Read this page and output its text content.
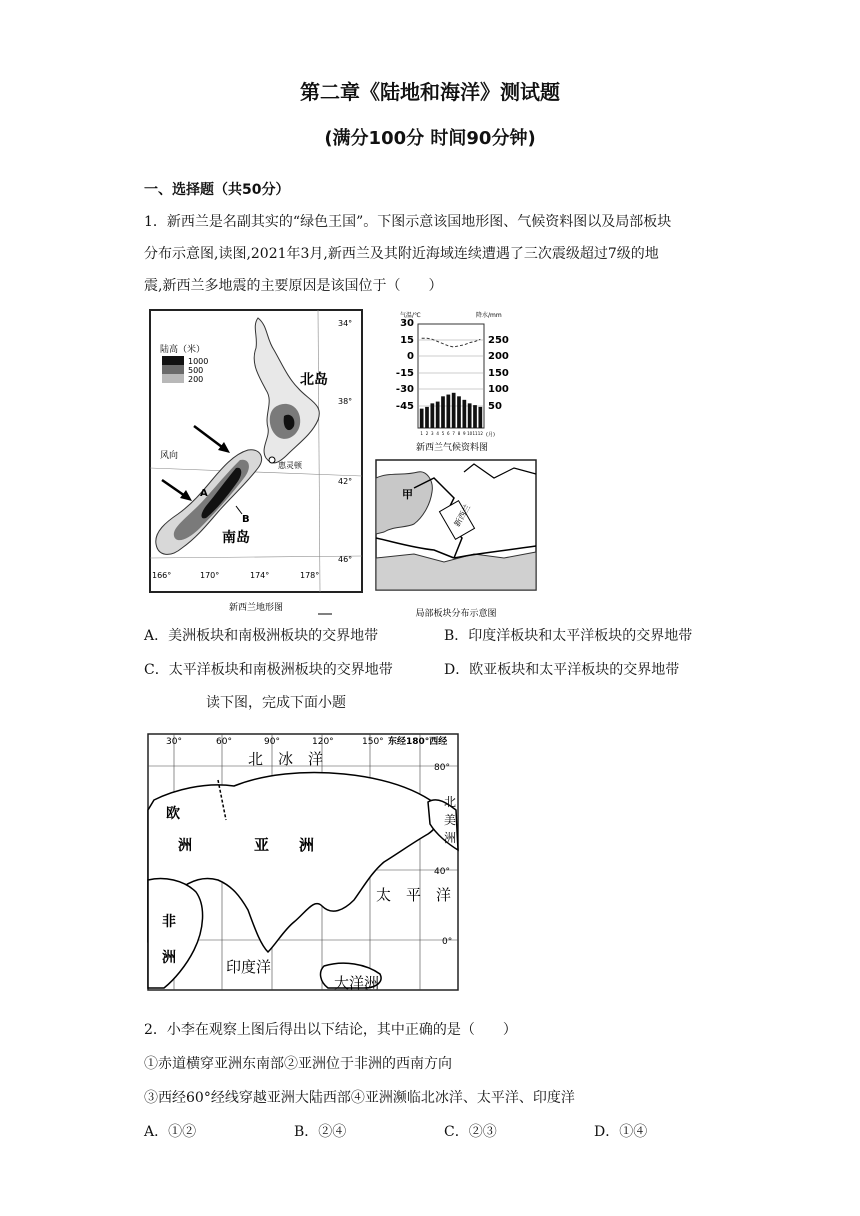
第二章《陆地和海洋》测试题
(满分100分 时间90分钟)
一、选择题（共50分）
1．新西兰是名副其实的“绿色王国”。下图示意该国地形图、气候资料图以及局部板块
分布示意图,读图,2021年3月,新西兰及其附近海域连续遭遇了三次震级超过7级的地
震,新西兰多地震的主要原因是该国位于（　　）
陆高（米）
1000
500
200	北岛
南岛
风向
A
B
惠灵顿
34°
38°
42°
46°
166°	170°	174°	178°
新西兰地形图
气温/℃	降水/mm
30
15
0
-15
-30
-45
250
200
150
100
50
1 2 3 4 5 6 7 8 9 10 11 12 (月)
新西兰气候资料图
甲
新西兰
局部板块分布示意图
A．美洲板块和南极洲板块的交界地带	B．印度洋板块和太平洋板块的交界地带
C．太平洋板块和南极洲板块的交界地带	D．欧亚板块和太平洋板块的交界地带
读下图，完成下面小题
30°	60°	90°	120°	150° 东经180°西经
80°
40°
0°
北　冰　洋
欧
洲	亚　　洲
非
洲	印度洋
太　平　洋
大洋洲
北
美
洲
2．小李在观察上图后得出以下结论，其中正确的是（　　）
①赤道横穿亚洲东南部②亚洲位于非洲的西南方向
③西经60°经线穿越亚洲大陆西部④亚洲濒临北冰洋、太平洋、印度洋
A．①②	B．②④	C．②③	D．①④
